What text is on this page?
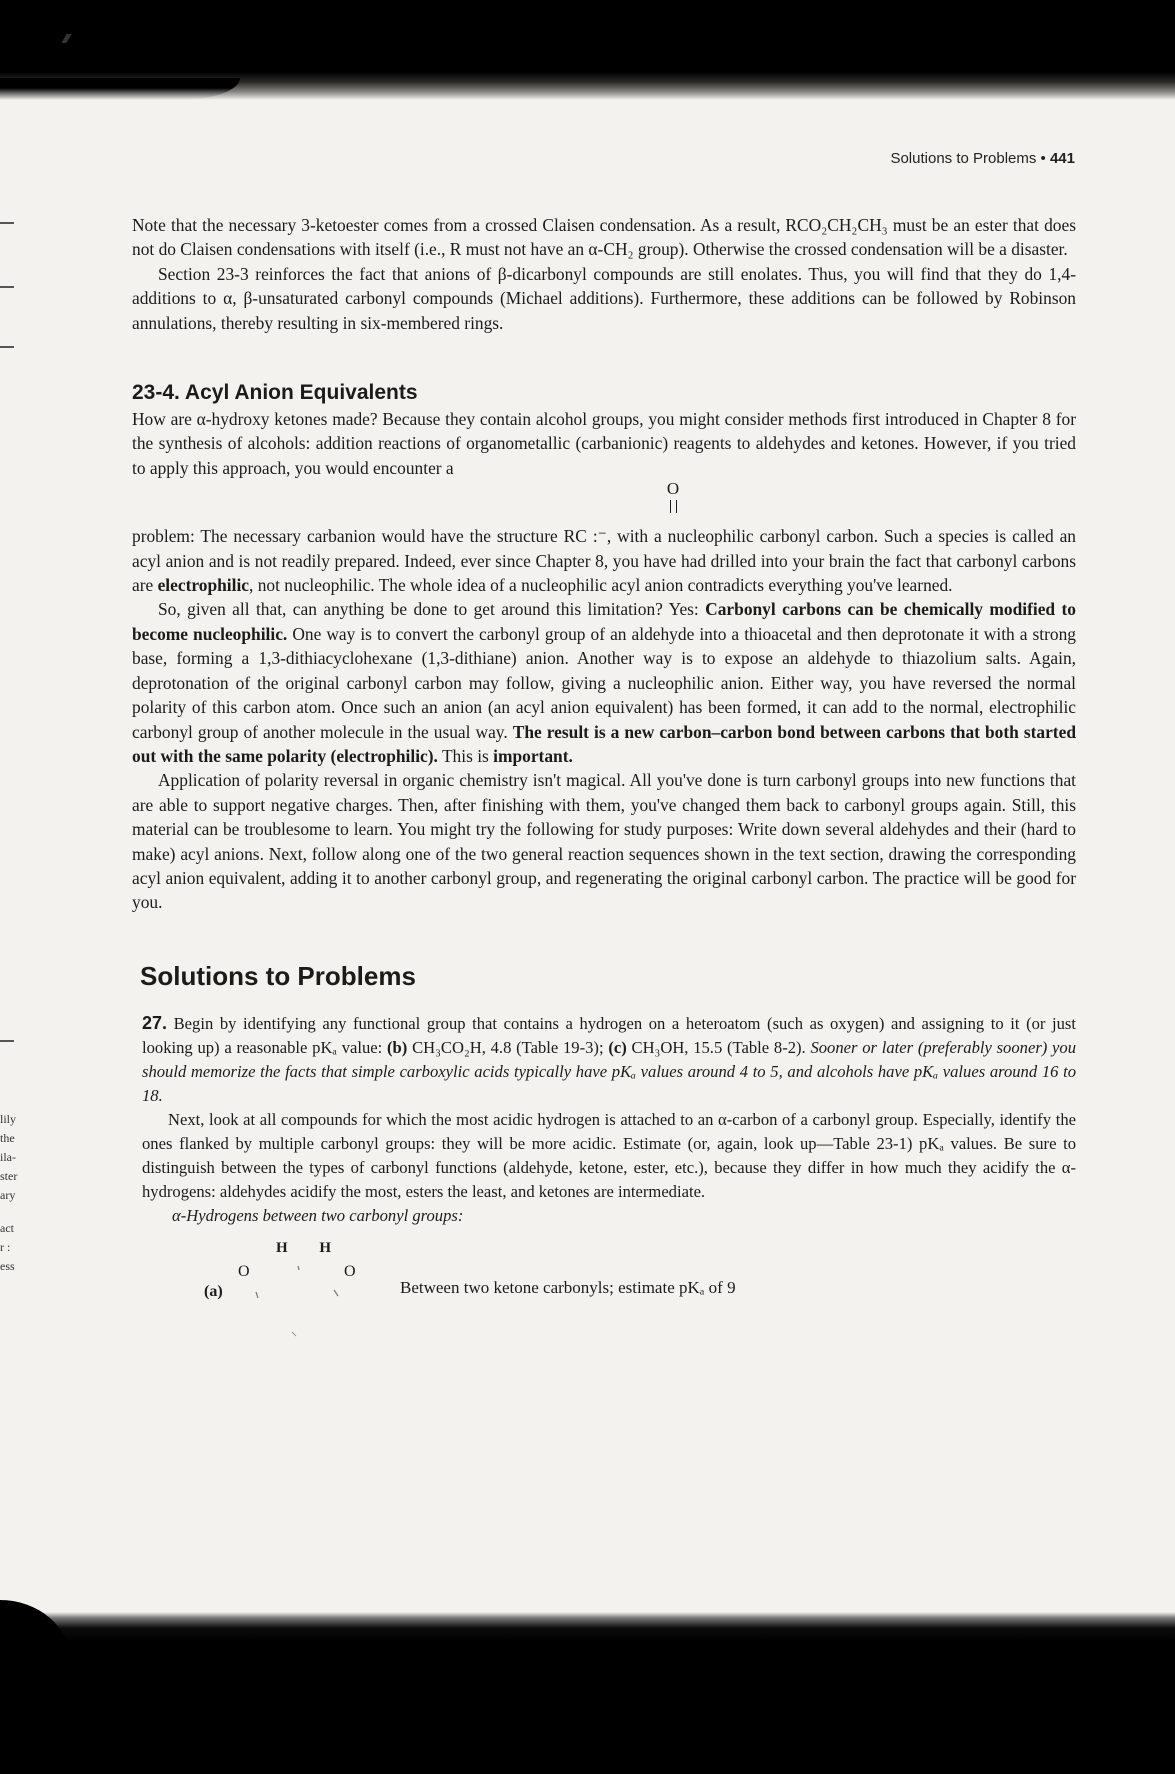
lily
the
ila-
ster
ary
act
r :
ess
Solutions to Problems • 441

Note that the necessary 3-ketoester comes from a crossed Claisen condensation. As a result, RCO₂CH₂CH₃ must be an ester that does not do Claisen condensations with itself (i.e., R must not have an α-CH₂ group). Otherwise the crossed condensation will be a disaster.

Section 23-3 reinforces the fact that anions of β-dicarbonyl compounds are still enolates. Thus, you will find that they do 1,4-additions to α, β-unsaturated carbonyl compounds (Michael additions). Furthermore, these additions can be followed by Robinson annulations, thereby resulting in six-membered rings.

23-4. Acyl Anion Equivalents

How are α-hydroxy ketones made? Because they contain alcohol groups, you might consider methods first introduced in Chapter 8 for the synthesis of alcohols: addition reactions of organometallic (carbanionic) reagents to aldehydes and ketones. However, if you tried to apply this approach, you would encounter a

O

problem: The necessary carbanion would have the structure RC :⁻, with a nucleophilic carbonyl carbon. Such a species is called an acyl anion and is not readily prepared. Indeed, ever since Chapter 8, you have had drilled into your brain the fact that carbonyl carbons are electrophilic, not nucleophilic. The whole idea of a nucleophilic acyl anion contradicts everything you've learned.

So, given all that, can anything be done to get around this limitation? Yes: Carbonyl carbons can be chemically modified to become nucleophilic. One way is to convert the carbonyl group of an aldehyde into a thioacetal and then deprotonate it with a strong base, forming a 1,3-dithiacyclohexane (1,3-dithiane) anion. Another way is to expose an aldehyde to thiazolium salts. Again, deprotonation of the original carbonyl carbon may follow, giving a nucleophilic anion. Either way, you have reversed the normal polarity of this carbon atom. Once such an anion (an acyl anion equivalent) has been formed, it can add to the normal, electrophilic carbonyl group of another molecule in the usual way. The result is a new carbon–carbon bond between carbons that both started out with the same polarity (electrophilic). This is important.

Application of polarity reversal in organic chemistry isn't magical. All you've done is turn carbonyl groups into new functions that are able to support negative charges. Then, after finishing with them, you've changed them back to carbonyl groups again. Still, this material can be troublesome to learn. You might try the following for study purposes: Write down several aldehydes and their (hard to make) acyl anions. Next, follow along one of the two general reaction sequences shown in the text section, drawing the corresponding acyl anion equivalent, adding it to another carbonyl group, and regenerating the original carbonyl carbon. The practice will be good for you.

Solutions to Problems

27. Begin by identifying any functional group that contains a hydrogen on a heteroatom (such as oxygen) and assigning to it (or just looking up) a reasonable pKₐ value: (b) CH₃CO₂H, 4.8 (Table 19-3); (c) CH₃OH, 15.5 (Table 8-2). Sooner or later (preferably sooner) you should memorize the facts that simple carboxylic acids typically have pKₐ values around 4 to 5, and alcohols have pKₐ values around 16 to 18.

Next, look at all compounds for which the most acidic hydrogen is attached to an α-carbon of a carbonyl group. Especially, identify the ones flanked by multiple carbonyl groups: they will be more acidic. Estimate (or, again, look up—Table 23-1) pKₐ values. Be sure to distinguish between the types of carbonyl functions (aldehyde, ketone, ester, etc.), because they differ in how much they acidify the α-hydrogens: aldehydes acidify the most, esters the least, and ketones are intermediate.

α-Hydrogens between two carbonyl groups:

(a)
H H
O	O
Between two ketone carbonyls; estimate pKₐ of 9
